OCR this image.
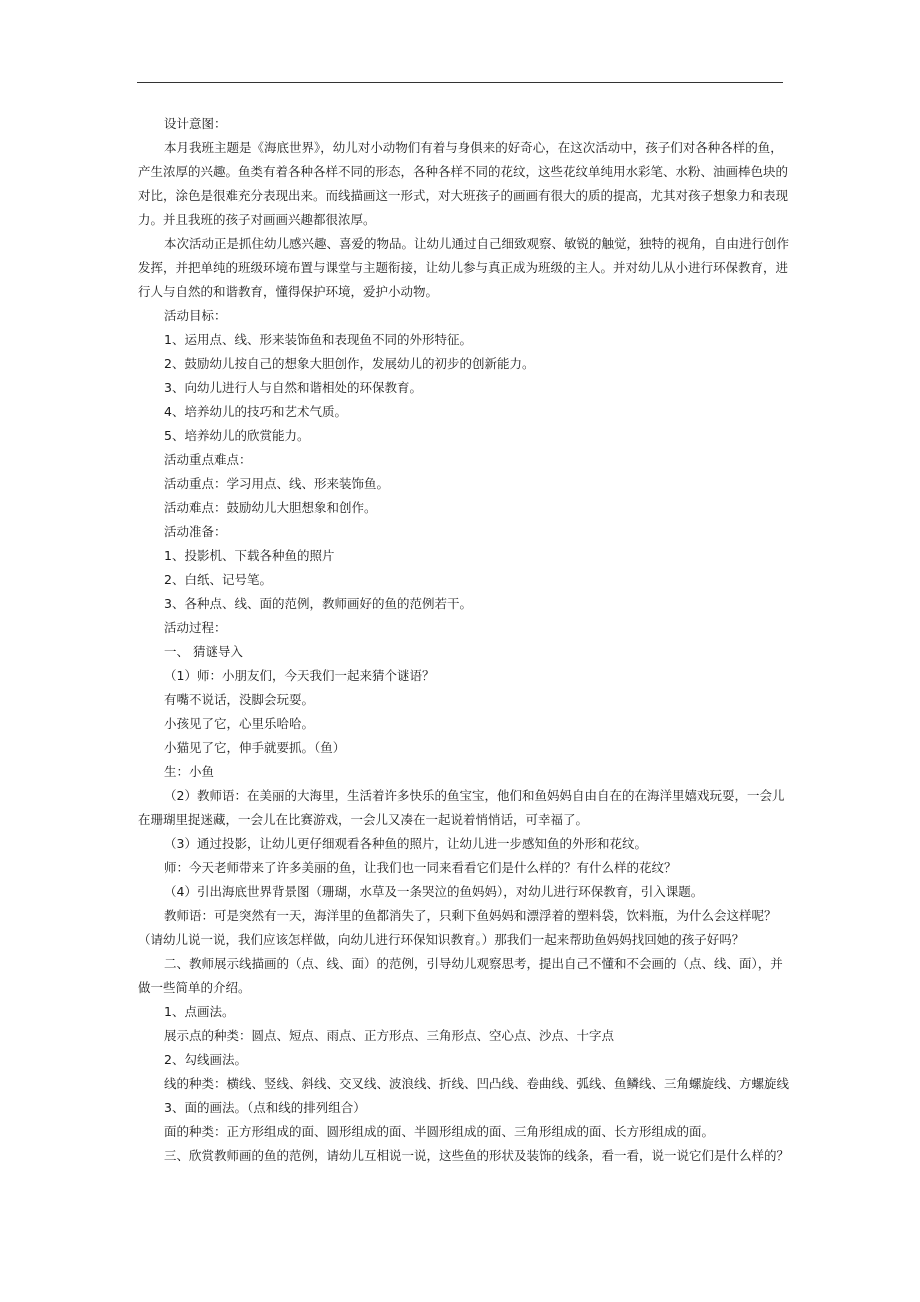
设计意图：

本月我班主题是《海底世界》，幼儿对小动物们有着与身俱来的好奇心，在这次活动中，孩子们对各种各样的鱼，

产生浓厚的兴趣。鱼类有着各种各样不同的形态，各种各样不同的花纹，这些花纹单纯用水彩笔、水粉、油画棒色块的

对比，涂色是很难充分表现出来。而线描画这一形式，对大班孩子的画画有很大的质的提高，尤其对孩子想象力和表现

力。并且我班的孩子对画画兴趣都很浓厚。

本次活动正是抓住幼儿感兴趣、喜爱的物品。让幼儿通过自己细致观察、敏锐的触觉，独特的视角，自由进行创作

发挥，并把单纯的班级环境布置与课堂与主题衔接，让幼儿参与真正成为班级的主人。并对幼儿从小进行环保教育，进

行人与自然的和谐教育，懂得保护环境，爱护小动物。

活动目标：

1、运用点、线、形来装饰鱼和表现鱼不同的外形特征。

2、鼓励幼儿按自己的想象大胆创作，发展幼儿的初步的创新能力。

3、向幼儿进行人与自然和谐相处的环保教育。

4、培养幼儿的技巧和艺术气质。

5、培养幼儿的欣赏能力。

活动重点难点：

活动重点：学习用点、线、形来装饰鱼。

活动难点：鼓励幼儿大胆想象和创作。

活动准备：

1、投影机、下载各种鱼的照片

2、白纸、记号笔。

3、各种点、线、面的范例，教师画好的鱼的范例若干。

活动过程：

一、 猜谜导入

（1）师：小朋友们，今天我们一起来猜个谜语？

有嘴不说话，没脚会玩耍。

小孩见了它，心里乐哈哈。

小猫见了它，伸手就要抓。（鱼）

生：小鱼

（2）教师语：在美丽的大海里，生活着许多快乐的鱼宝宝，他们和鱼妈妈自由自在的在海洋里嬉戏玩耍，一会儿

在珊瑚里捉迷藏，一会儿在比赛游戏，一会儿又凑在一起说着悄悄话，可幸福了。

（3）通过投影，让幼儿更仔细观看各种鱼的照片，让幼儿进一步感知鱼的外形和花纹。

师：今天老师带来了许多美丽的鱼，让我们也一同来看看它们是什么样的？有什么样的花纹？

（4）引出海底世界背景图（珊瑚，水草及一条哭泣的鱼妈妈），对幼儿进行环保教育，引入课题。

教师语：可是突然有一天，海洋里的鱼都消失了，只剩下鱼妈妈和漂浮着的塑料袋，饮料瓶，为什么会这样呢？

（请幼儿说一说，我们应该怎样做，向幼儿进行环保知识教育。）那我们一起来帮助鱼妈妈找回她的孩子好吗？

二、教师展示线描画的（点、线、面）的范例，引导幼儿观察思考，提出自己不懂和不会画的（点、线、面），并

做一些简单的介绍。

1、点画法。

展示点的种类：圆点、短点、雨点、正方形点、三角形点、空心点、沙点、十字点

2、勾线画法。

线的种类：横线、竖线、斜线、交叉线、波浪线、折线、凹凸线、卷曲线、弧线、鱼鳞线、三角螺旋线、方螺旋线

3、面的画法。（点和线的排列组合）

面的种类：正方形组成的面、圆形组成的面、半圆形组成的面、三角形组成的面、长方形组成的面。

三、欣赏教师画的鱼的范例，请幼儿互相说一说，这些鱼的形状及装饰的线条，看一看，说一说它们是什么样的？
